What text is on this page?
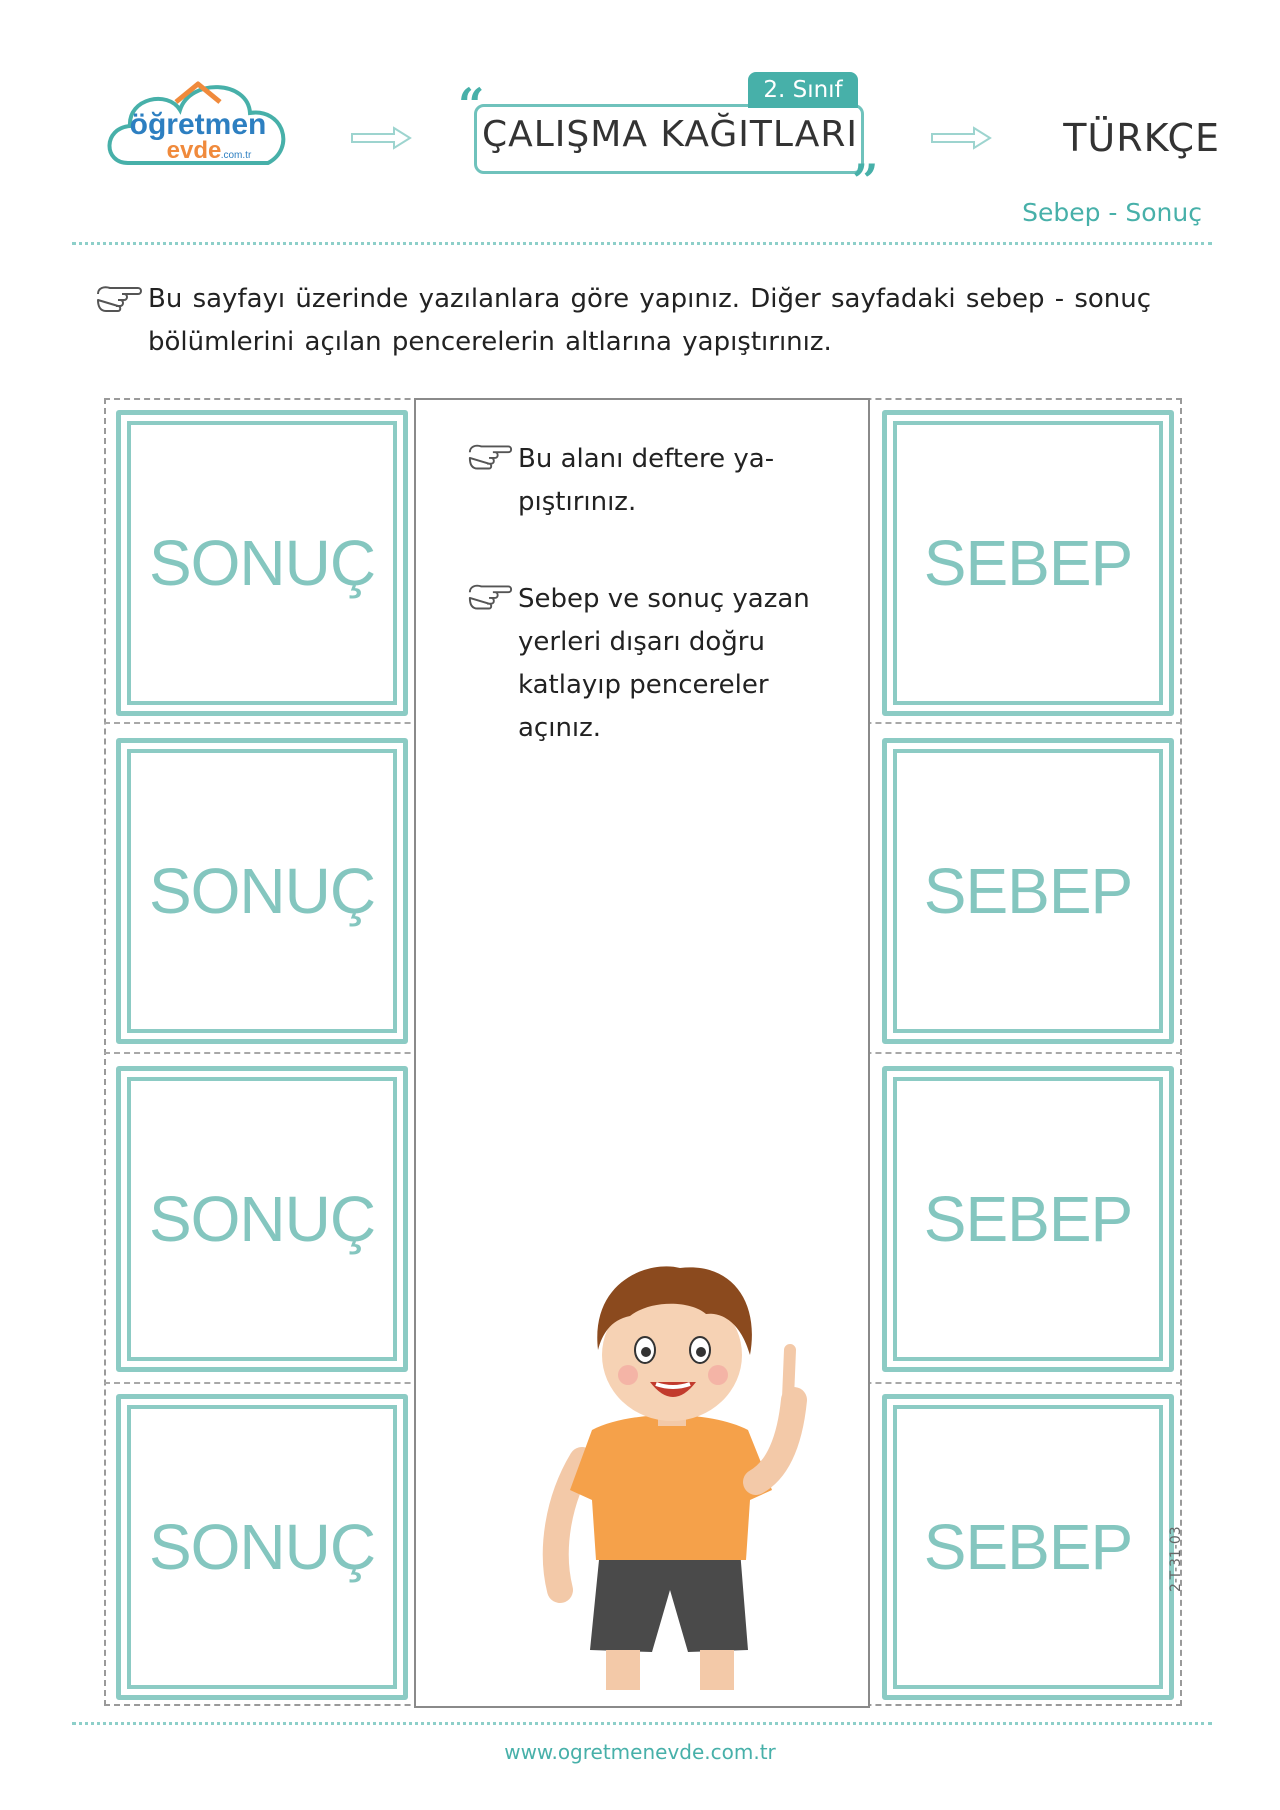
öğretmen
evde .com.tr
2. Sınıf
“
”
ÇALIŞMA KAĞITLARI	TÜRKÇE
Sebep - Sonuç
Bu sayfayı üzerinde yazılanlara göre yapınız. Diğer sayfadaki sebep - sonuç bölümlerini açılan pencerelerin altlarına yapıştırınız.
SONUÇ
SONUÇ
SONUÇ
SONUÇ
Bu alanı deftere ya- pıştırınız.
Sebep ve sonuç yazan yerleri dışarı doğru katlayıp pencereler açınız.
SEBEP
SEBEP
SEBEP
SEBEP	2-T-31-03
www.ogretmenevde.com.tr
